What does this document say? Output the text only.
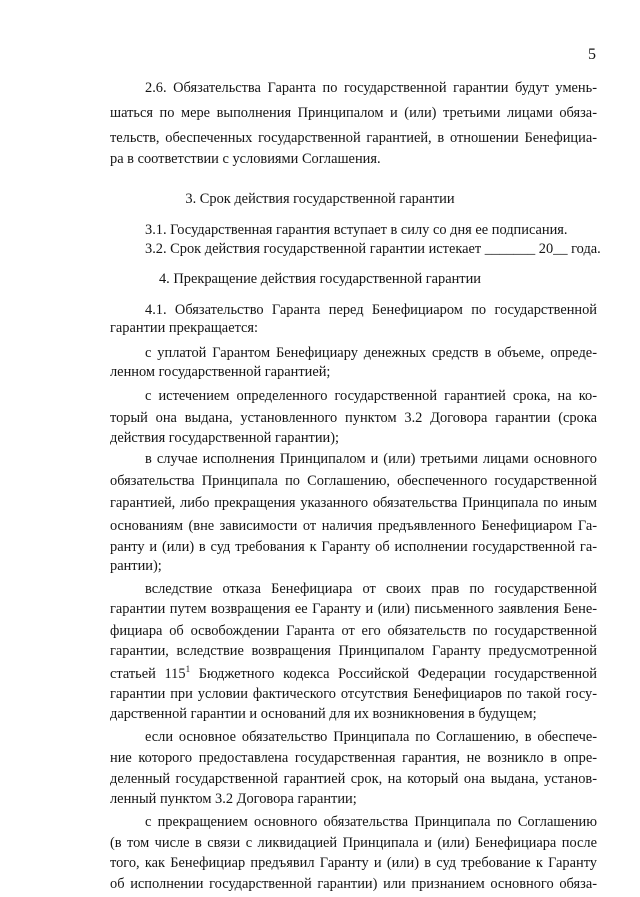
5
2.6. Обязательства Гаранта по государственной гарантии будут умень-
шаться по мере выполнения Принципалом и (или) третьими лицами обяза-
тельств, обеспеченных государственной гарантией, в отношении Бенефициа-
ра в соответствии с условиями Соглашения.
3. Срок действия государственной гарантии
3.1. Государственная гарантия вступает в силу со дня ее подписания.
3.2. Срок действия государственной гарантии истекает _______ 20__ года.
4. Прекращение действия государственной гарантии
4.1. Обязательство Гаранта перед Бенефициаром по государственной
гарантии прекращается:
с уплатой Гарантом Бенефициару денежных средств в объеме, опреде-
ленном государственной гарантией;
с истечением определенного государственной гарантией срока, на ко-
торый она выдана, установленного пунктом 3.2 Договора гарантии (срока
действия государственной гарантии);
в случае исполнения Принципалом и (или) третьими лицами основного
обязательства Принципала по Соглашению, обеспеченного государственной
гарантией, либо прекращения указанного обязательства Принципала по иным
основаниям (вне зависимости от наличия предъявленного Бенефициаром Га-
ранту и (или) в суд требования к Гаранту об исполнении государственной га-
рантии);
вследствие отказа Бенефициара от своих прав по государственной
гарантии путем возвращения ее Гаранту и (или) письменного заявления Бене-
фициара об освобождении Гаранта от его обязательств по государственной
гарантии, вследствие возвращения Принципалом Гаранту предусмотренной
статьей $115^1$ Бюджетного кодекса Российской Федерации государственной
гарантии при условии фактического отсутствия Бенефициаров по такой госу-
дарственной гарантии и оснований для их возникновения в будущем;
если основное обязательство Принципала по Соглашению, в обеспече-
ние которого предоставлена государственная гарантия, не возникло в опре-
деленный государственной гарантией срок, на который она выдана, установ-
ленный пунктом 3.2 Договора гарантии;
с прекращением основного обязательства Принципала по Соглашению
(в том числе в связи с ликвидацией Принципала и (или) Бенефициара после
того, как Бенефициар предъявил Гаранту и (или) в суд требование к Гаранту
об исполнении государственной гарантии) или признанием основного обяза-
